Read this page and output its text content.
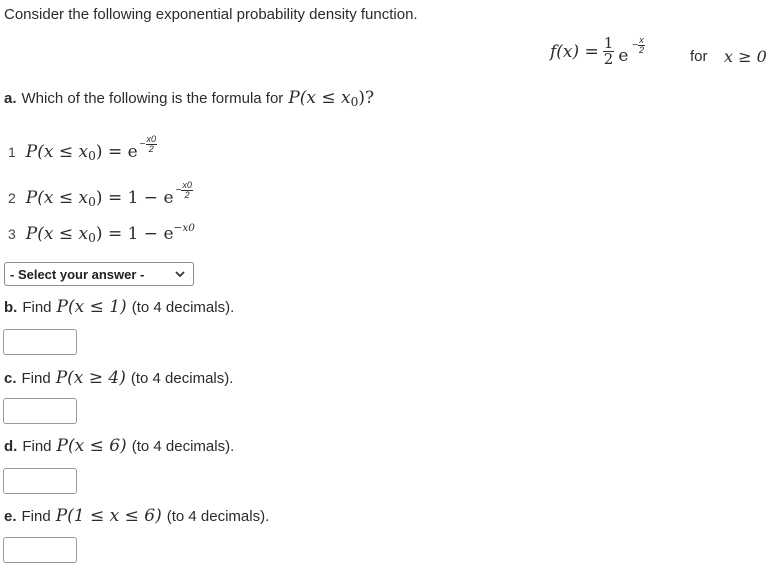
Consider the following exponential probability density function.
$f(x) = \frac{1}{2}$ $e - \frac{x}{2}$
for x ≥ 0
a. Which of the following is the formula for $P(x \le x_0)$?
1 $P(x \le x_0) = e - \frac{x0}{2}$
2 $P(x \le x_0) = 1 - e - \frac{x0}{2}$
3 $P(x \le x_0) = 1 - e^{-x0}$
- Select your answer -
b. Find P(x ≤ 1) (to 4 decimals).
c. Find P(x ≥ 4) (to 4 decimals).
d. Find P(x ≤ 6) (to 4 decimals).
e. Find P(1 ≤ x ≤ 6) (to 4 decimals).
